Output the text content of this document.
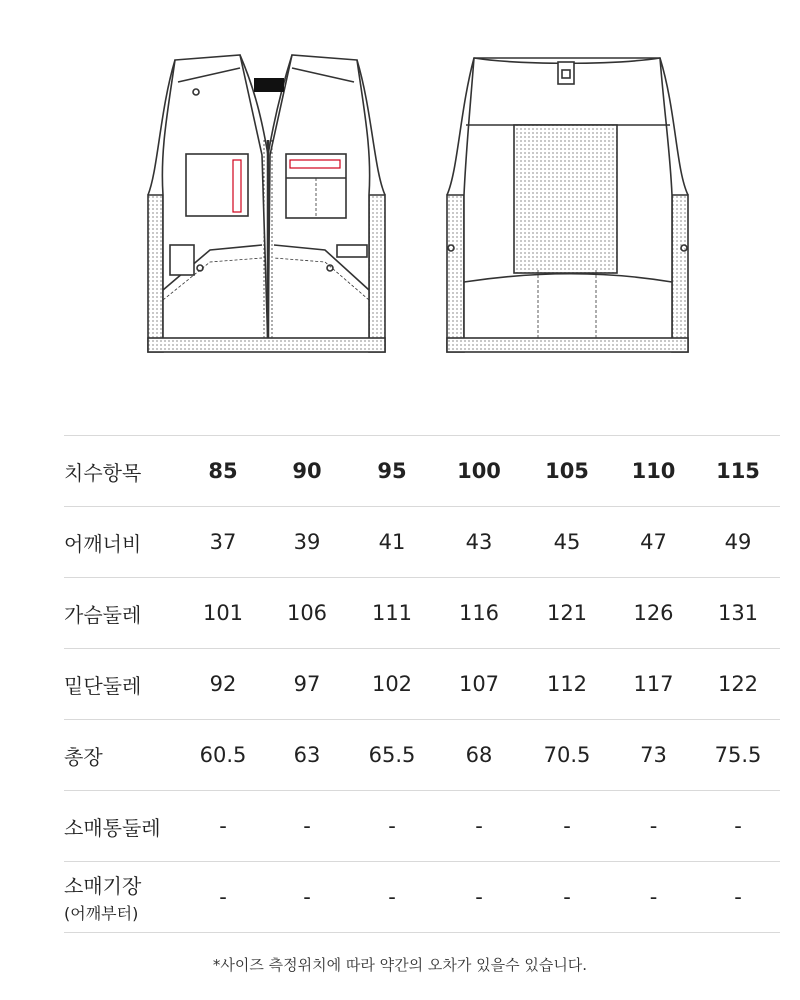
치수항목	85	90	95	100	105	110	115
어깨너비	37	39	41	43	45	47	49
가슴둘레	101	106	111	116	121	126	131
밑단둘레	92	97	102	107	112	117	122
총장	60.5	63	65.5	68	70.5	73	75.5
소매통둘레	-	-	-	-	-	-	-
소매기장
(어깨부터)	-	-	-	-	-	-	-
*사이즈 측정위치에 따라 약간의 오차가 있을수 있습니다.
